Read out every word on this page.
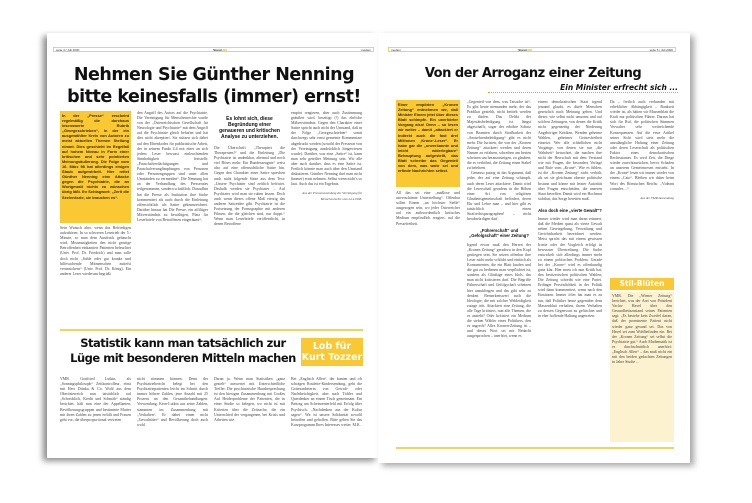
seite 4 / Juli 2000	Stand•Ort	medien
Nehmen Sie Günther Nenning bitte keinesfalls (immer) ernst!
In der „Presse“ erscheint regelmäßig die durchaus lesenswerte Rubrik „Georgeschrieben“, in der ein ausgewählter Kreis von Autoren zu meist aktuellen Themen Stellung nimmt. Dies geschieht im Regelfall auf hohem Niveau in Form einer kritischen und sehr pointierten Meinungsäußerung. Die Folge vom 16. März 98 hat allerdings einigen Staub aufgewirbelt. Hier reitet Günther Nenning eine Attacke gegen die Psychiatrie, die an Wortgewalt nichts zu wünschen übrig läßt. Ihr Schlagwort: „Zerlt die Seelenärzte, sie brauchen es“.
Sein Wunsch aber, wenn das Befriedigen aufzuhören. In so schweren Lesetrieb der 5.-Minute, so man dem Ausdruck gehaucht wird, Missmutigkeiten den nicht geistige Betroffenheit einkantiert Patienten beleuchtet (Univ. Prof. Dr. Friedrich) und man solle doch nicht „Sahle oder gar kranke und hilfesuchende Mitmenschen zutiefst verunsichern“ (Univ. Prof. Dr. König). Ein anderer Leser wiederum begrüßt
den Angriff des Autors auf die Psychiatrie. Die Vereinigung für Menschenrechte wurde von der „Österreichischen Gesellschaft für Neurologie und Psychiatrie“ mit dem Angriff auf die Psychiatrie gleich behaftet und hat dies nicht akzeptiert. Sie stützen sich dabei auf den Ehrenkodex für publizistische Arbeit, der in seinem Punkt 4.4 mit einer an sich jedem Leser bewusst einleuchtenden Sinnhaftigkeit feststellt: „Pauschalverdächtigungen und Pauschalverunglimpfungen von Personen oder Personengruppen sind unter allen Umständen zu vermeiden“. Die Nennung hat an der Verhandlung des Presserates teilgenommen, sondern schriftlich. Daraufhin hat die Presse als Institution ihre Sache kommentiert als auch durch die Einleitung offensichtlich als Satire gekennzeichnet. Darüber hinaus hat Die Presse, ein affiliiger Mitverständnis zu bewältigen, Platz für Leserbriefe von Betroffenen eingeräumt“.
Es lohnt sich, diese Begründung einer genaueren und kritischen Analyse zu unterziehen.
Die Überschrift „Therapiert die Therapeuten!“ und die Einleitung „Die Psychiatrie ist undenkbar, abermal und noch viel Böses mehr. Ein Bundeszeugnis“ weist also auf eine offensichtliche Satire hin. Gegen den Charakter einer Satire sprechen auch nicht folgende Sätze aus dem Text: „Unsere Psychiater sind zeitlich befristet. Deshalb werden sie Psychiater ... Auf Psychiater wird man sie ruhen lassen. Doch auch wenn dieses offene Maß vierzig das anderen Satireidee gibt. Psychiatrie ist die Fortsetzung der Pornographie mit anderen Filmen, die die gleichen sind, nur doppt.“ Wenn man Leserbriefe veröffentlicht, in denen Betroffene
empört reagieren, aber auch Zustimmung geäußert wird, beseitigt (!) das ehrliche Mißverständnis. Gegen den Charakter einer Satire spricht auch nicht der Umstand, daß in der Folge „Georgeschrieben“ somit durchwegs sehr ernst gemeinte Kommentare abgedruckt werden (sowohl der Presserat von der Vereinigung ausdrücklich hingewiesen wurde). Darüber, was eine „Satire“ ist, kann man sehr geteilter Meinung sein. Wir alle aber auch darüber, dass es eine Satire ist. Freilich könnte man auch über den Umstand diskutieren. Günther Nenning darf man nicht (immer) ernst nehmen. Selbst wenn nicht's so laut. Auch das ist ein Ergebnis.
Aus der Presseaussendung der Vereinigung für Menschenrechte vom 24.4.1998.
Statistik kann man tatsächlich zur Lüge mit besonderen Mitteln machen
Lob für Kurt Tozzer
VMR. Gottfried Lutkin, als „Sonntagsphilosoph“ Zeitkontrolleur, einst mit Herr Drinka & Co. Wohl aus dem Oberösterreich nun tatsächlich auf „Schrecklich, Kredit und Schmäh“ ständig berichtet, hält nun eine der Appellanten, Bevölkerungsgruppen und bestimmte Mutter mit ihren Zahlen zu jenen erfüllt und Frauen geht vor, die überproportional vertreten
nicht stimmen können. Denn der Psychiatriebericht belegt bei den Psychiatriepatienten leicht im Schnitt durch immer höhere Zahlen, jene Anzahl mit 25 Prozent an den Gesamtbehandlungen. Verwendung, Kern-Lutkin aus seine Zahlen, stammten im Zusammenhang mit „Verhalten“. Er dabei einen nicht „Gewalttäter“ und Bevölkerung doch auch wohl
Daran ja. Wenn man Statistiken „ganz gezielt“ auswertet mit Unterschiedliche Treffer. Die psychiatrische Hausbesprechung ist den hiesigen Zusammenhang mit Großes Auf Heiderprobleme der Patienten, die in einer Studie so belegen, wo nicht ist mit Kriterien über die Zeitsache, die ein Unterschied der vergangenen, bei Krisis und Arbeiten wie
Bei „Englisch Allen“, der bunten und oft schrägen Roulette-Kindersendung, geht die Gottesanbeterin von Gewalt- oder Nachtbrüchigkeit, aber auch Tüftler und Querdenker an einem Tisch gemeinsam. Ein Beitrag am Scheinrenterfeld mit Erfolg über Psychisch: „Nachdenken aus der Kultur sagen“. Wir ist unsere Solidarität sowohl betroffen und geholfen. Bitte geben Sie das Kurzprogramm Ihres Interesses weiter. M.K.
medien	Stand•Ort	seite 5 / Juli 2000
Von der Arroganz einer Zeitung
Ein Minister erfrecht sich ...
Einer empörten „Kronen Zeitung“ entnehmen wir, daß Minister Einem jetzt über dieses Blatt schimpfe. Ein unerhörter Vorgang also! Denn – so lesen wir weiter – damit „attackiert er indirekt auch die fast drei Millionen ‚Krone‘-Leser“. Er habe gar die „unverkannte und leicht widerlegbare“ Behauptung aufgestellt, das Blatt schreibe das Gegenteil von dem, was wahr sei und erfinde Nachrichten selbst.
All das sei eine „maßlose und unverschämte Unterstellung“. Offenbar sollen Einem „an höchster Stelle“ ausgezogen sein, wo jeder Österreicher auf ein außerordentlich kritisches Medium empfindlich reagiert, auf die Pressefreiheit.
„Gegenteil von dem, was Tatsache ist“. Es gibt heute niemanden mehr, der das Prädikat geziehlt, nicht betitelt werden zu dürfen. Das Delikt der Majestätsbeleidigung ist längst abgeschafft, sogar der erhöhte Schutz von Beamten durch Strafbarkeit der „Amtsehrenbeleidigung“ gibt es nicht mehr. Die Juristen, die von der „Kronen Zeitung“ attackiert werden und deren Namen zu erfahren, schreiben am besten scheinen um heranzusteigen, zu glauben, die es verhöhnt, die Zeitung einen Stabel zu belehren.
Genauso putzig ist das Argument, daß jeder, der auf eine Zeitung schimpft, auch deren Leser attackiere. Damit wird die Leserschaft geradezu in die Höhen einer Art von religiösen Glaubensgemeinschaft befördert, deren Ehr und Lehre man – und hier gibt es tatsächlich einen Strafrechtsparagraphen! – nicht herabwürdigen darf.
„Führerschaft“ und „Gefolgschaft“ einer Zeitung?
Irgend etwas muß den Herren der „Kronen Zeitung“ geradezu in den Kopf gestiegen sein. Sie setzen offenbar ihre Leser nicht mehr schlicht und einfach als Konsumenten, die ein Blatt kaufen und die gut zu bedienen man verpflichtet ist, sondern als Gläubige eines Idols, das man nicht kritisieren darf. Die Begriffe Führerschaft und Gefolgschaft scheinen hier anzuklingen und das gibt sehr zu denken. Bemerkenswert auch die Ideologie, die mit solcher Wehleidigkeit zutage tritt. Attackiert eine Zeitung, die alle Tage kritisiert, nun alle Themen, die es ansieht? Oder kritisiert ein Medium die sieben Wähler eines Politikers, den es angreift? Alles Kronen-Zeitung ist – und dieses Wort sei mit Bedacht ausgesprochen – unerhört, wenn es
einem demokratischen Staat irgend jemand glaubt, es dürfe Menschen gesetzlich nach Meinung geben. Und dieser, wie selbst nicht umsonst und auf solchen Zeitungen, von denen die Kritik nicht gegenseitig der Niederung Angehöriger Kritiken, Wenden geheime Wahlen, geheimer Geistesfreiheit einsetzt. Wer alle schädlichen nicht Vorgänge, von denen sie nur „die Wahrheit“ betrachtet, die machen ihre nicht der Herrschaft mit dem Verstand wie mit Fragen, die besonders Verlage und Rufe vom „Krone“. Wie es fühlen, ist die „Kronen Zeitung“ nicht verhält, als sei sie gleichsam oberste politische Instanz und könne mit letzter Autorität über Fragen entscheiden, die unseren Staat betreffen. Damit wird ein Hochmut sichtbar, das Sorge bereiten muß.
Also doch eine „vierte Gewalt“?
Immer wieder wird man daran erinnert, daß die Medien quasi als vierte Gewalt neben Gesetzgebung, Verwaltung und Gerichtsbarkeit bezeichnet werden. Meist spricht das mit einem gewissen Ironie oder der Vorgleich erfolgt in bewusster Übertreibung. Die Sache entwickelt sich allerdings immer mehr zu einem politischen Problem. Gerade bei der „Krone“ wird es offenkundig ganz klar. Hier muss ich nun Kritik hat, den besitzerischen politischen Wahlen, Die Zeitung schreibt wie eine Partei. Erdinger Persönlichkeit in der Politik wird dann kommentiert, wenn nach den Einsätzen. Immer öfter hat man es zu tun, daß Politiker heute gegenüber dem Massenblatt verhalten, ihrem Verhalten zu dessen Gegenwart zu gefürchtet und in eher hoffende Haltung angetreten.
Da – freilich auch verbunden mit erheblicher Abhängigkeit – Bankseit wieder ist, als hätten wir Massenblatt die Kraft nur politischen Führer. Daraus hat sich für Ruf, die politischen Stimmen Verwalter sehr weitreichende Konsequenzen. Auf die erste Artikel seiner Sicht wird stets mehr die unzulängliche Haltung einer Zeitung oder deren Leserschaft als politischen Faktor eines demokratischen Rechtsstaates. Es wird Zeit, die Dinge wieder zurechtzurücken, bevor Schaden an unserem Gemeinwesen entsteht. In der „Krone“ lesen wir immer wieder von einem „Cato“. Bleiben wir daher beim Wort des Römischen Reichs: „Videant consules ...“
Aus der VMR-Aussendung
Stil-Blüten
VMR. Die „Wiener Zeitung“ berichtet, was der Arzt von Präsident Vaclav Havel über den Gesundheitszustand seines Patienten sagt: „Es bestehe kein Zweifel daran, daß der prominente Patient nicht wieder ganz gesund sei. Das von Havel sei zum Wohlbefinden ein. Bei der „Kronen Zeitung“ sei selbst die Psychiatrie gut.“ Auch Mathematik ist es durchschnittlich unerhört: „Englisch Allen“ – das muß nicht ein mit den beiden gedachten Zeitungen in Jahre Studie ...
